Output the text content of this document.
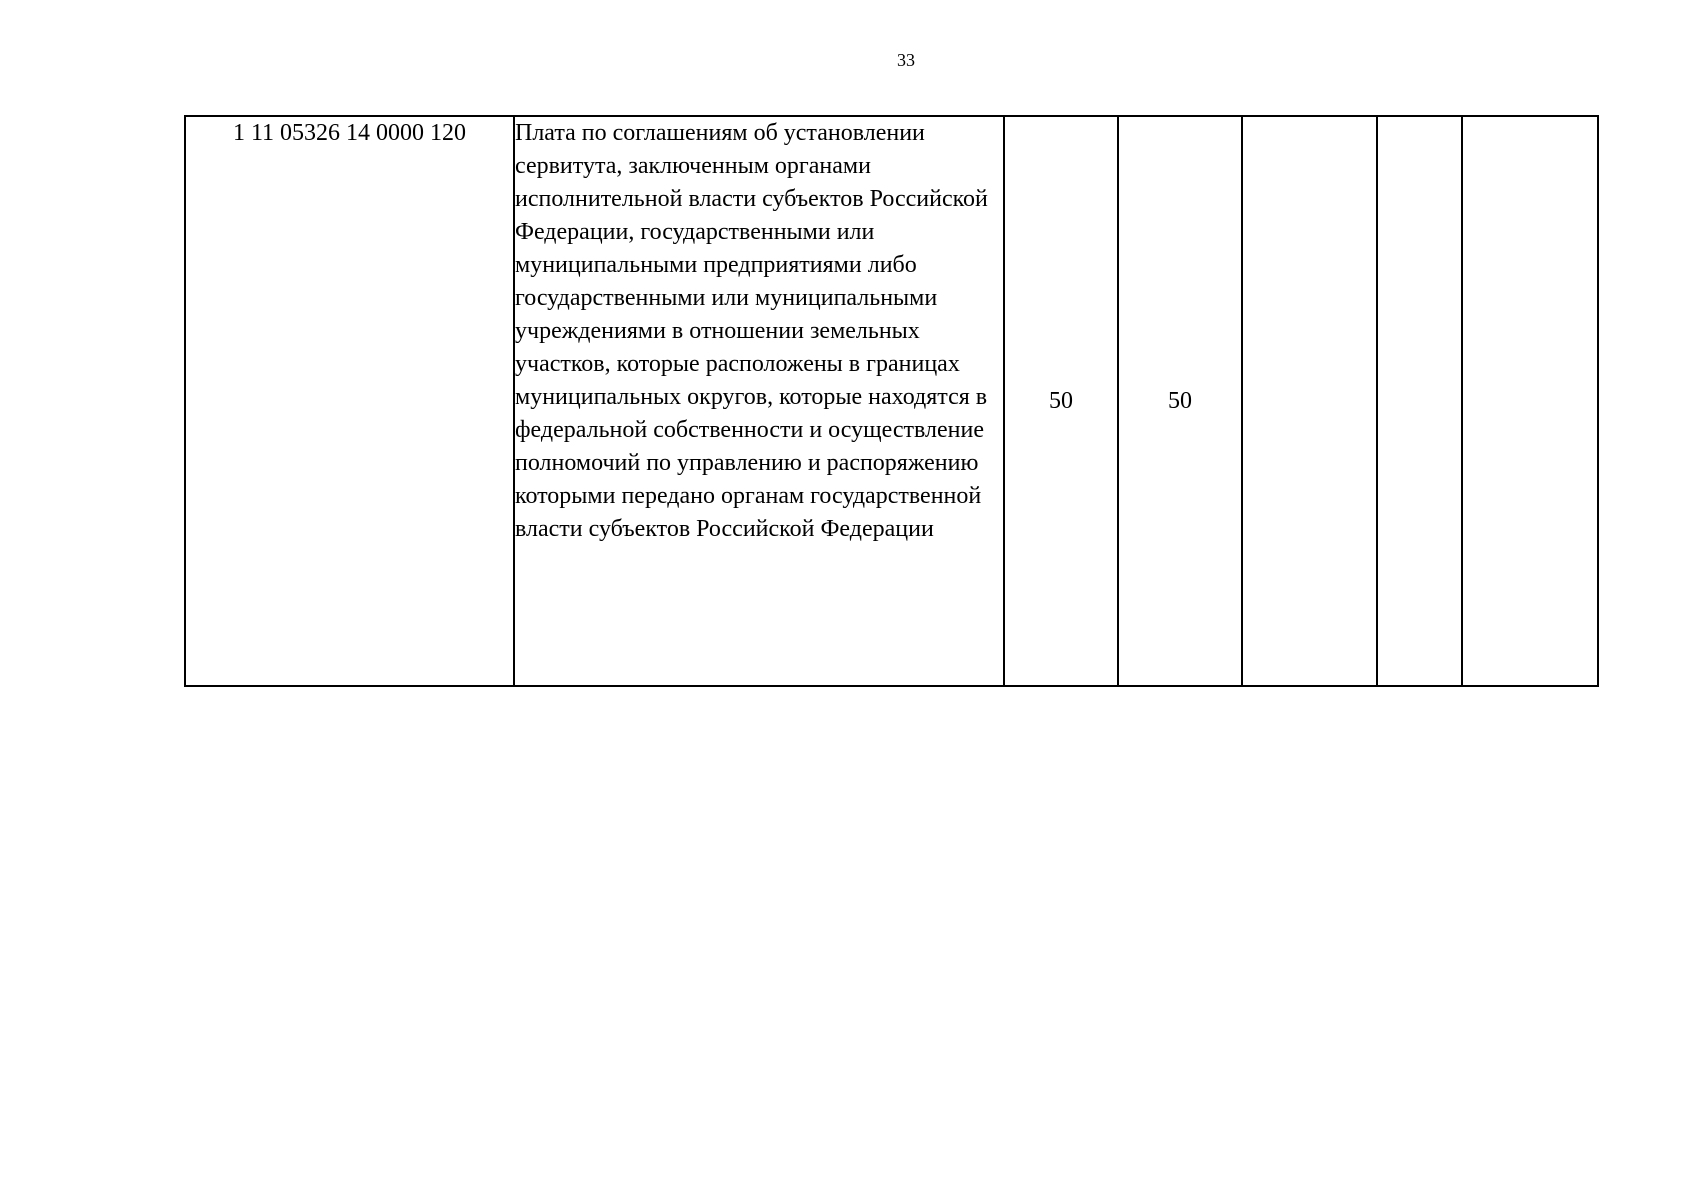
33
1 11 05326 14 0000 120	Плата по соглашениям об установлении сервитута, заключенным органами исполнительной власти субъектов Российской Федерации, государственными или муниципальными предприятиями либо государственными или муниципальными учреждениями в отношении земельных участков, которые расположены в границах муниципальных округов, которые находятся в федеральной собственности и осуществление полномочий по управлению и распоряжению которыми передано органам государственной власти субъектов Российской Федерации	50	50			
